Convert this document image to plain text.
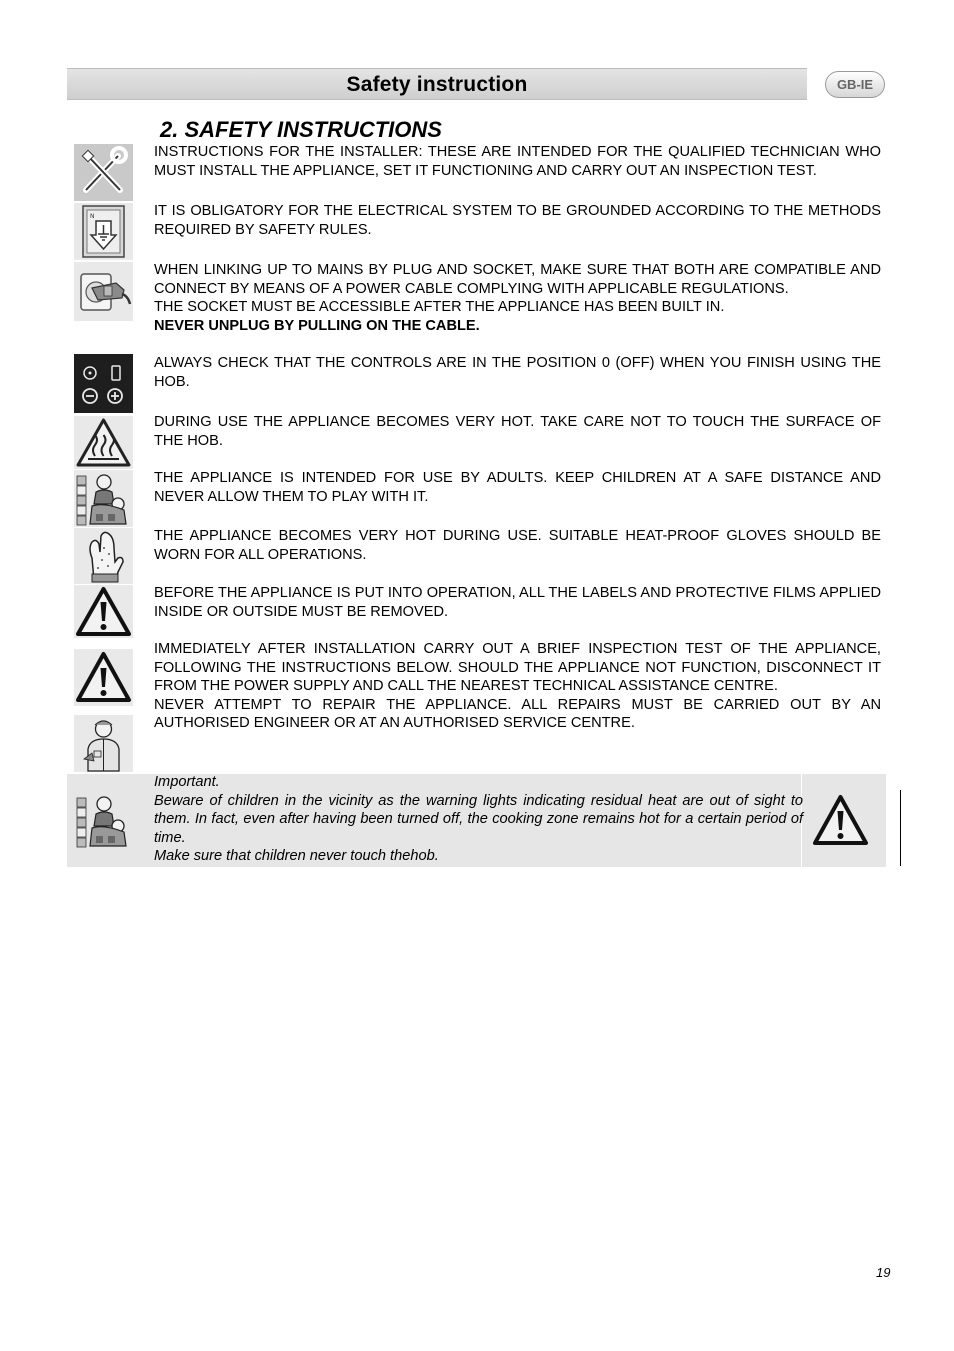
Safety instruction	GB-IE
2. SAFETY INSTRUCTIONS
N

INSTRUCTIONS FOR THE INSTALLER: THESE ARE INTENDED FOR THE QUALIFIED TECHNICIAN WHO MUST INSTALL THE APPLIANCE, SET IT FUNCTIONING AND CARRY OUT AN INSPECTION TEST.

IT IS OBLIGATORY FOR THE ELECTRICAL SYSTEM TO BE GROUNDED ACCORDING TO THE METHODS REQUIRED BY SAFETY RULES.

WHEN LINKING UP TO MAINS BY PLUG AND SOCKET, MAKE SURE THAT BOTH ARE COMPATIBLE AND CONNECT BY MEANS OF A POWER CABLE COMPLYING WITH APPLICABLE REGULATIONS.

THE SOCKET MUST BE ACCESSIBLE AFTER THE APPLIANCE HAS BEEN BUILT IN.

NEVER UNPLUG BY PULLING ON THE CABLE.

ALWAYS CHECK THAT THE CONTROLS ARE IN THE POSITION 0 (OFF) WHEN YOU FINISH USING THE HOB.

DURING USE THE APPLIANCE BECOMES VERY HOT. TAKE CARE NOT TO TOUCH THE SURFACE OF THE HOB.

THE APPLIANCE IS INTENDED FOR USE BY ADULTS. KEEP CHILDREN AT A SAFE DISTANCE AND NEVER ALLOW THEM TO PLAY WITH IT.

THE APPLIANCE BECOMES VERY HOT DURING USE. SUITABLE HEAT-PROOF GLOVES SHOULD BE WORN FOR ALL OPERATIONS.

BEFORE THE APPLIANCE IS PUT INTO OPERATION, ALL THE LABELS AND PROTECTIVE FILMS APPLIED INSIDE OR OUTSIDE MUST BE REMOVED.

IMMEDIATELY AFTER INSTALLATION CARRY OUT A BRIEF INSPECTION TEST OF THE APPLIANCE, FOLLOWING THE INSTRUCTIONS BELOW. SHOULD THE APPLIANCE NOT FUNCTION, DISCONNECT IT FROM THE POWER SUPPLY AND CALL THE NEAREST TECHNICAL ASSISTANCE CENTRE.

NEVER ATTEMPT TO REPAIR THE APPLIANCE. ALL REPAIRS MUST BE CARRIED OUT BY AN AUTHORISED ENGINEER OR AT AN AUTHORISED SERVICE CENTRE.

Important.

Beware of children in the vicinity as the warning lights indicating residual heat are out of sight to them. In fact, even after having been turned off, the cooking zone remains hot for a certain period of time.

Make sure that children never touch thehob.

19
